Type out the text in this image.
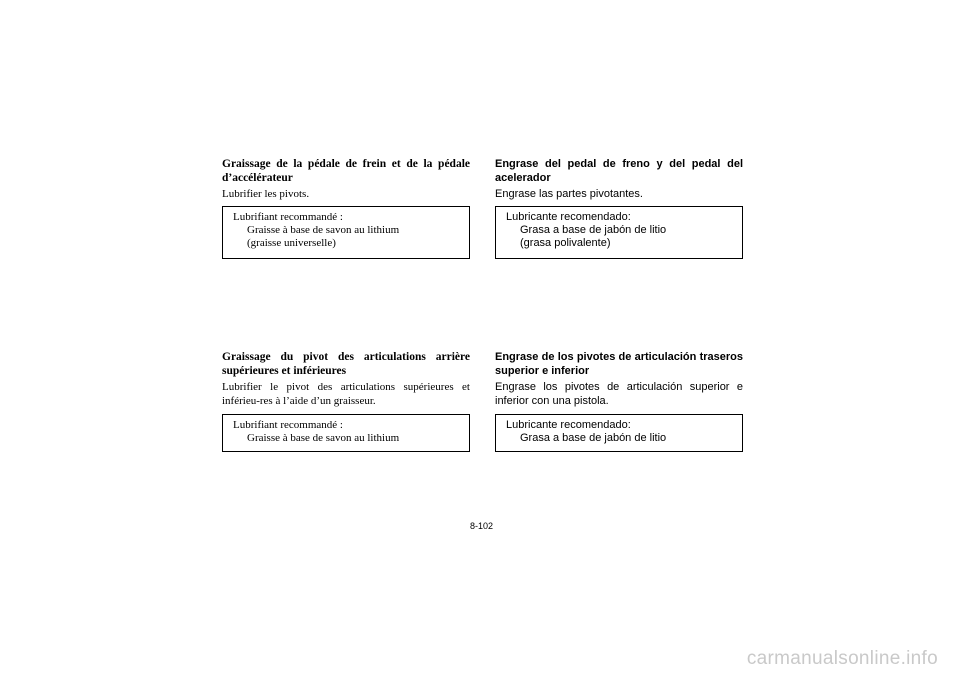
Graissage de la pédale de frein et de la pédale d’accélérateur

Lubrifier les pivots.

Lubrifiant recommandé :
Graisse à base de savon au lithium
(graisse universelle)

Graissage du pivot des articulations arrière supérieures et inférieures

Lubrifier le pivot des articulations supérieures et inférieu-res à l’aide d’un graisseur.

Lubrifiant recommandé :
Graisse à base de savon au lithium

Engrase del pedal de freno y del pedal del acelerador

Engrase las partes pivotantes.

Lubricante recomendado:
Grasa a base de jabón de litio
(grasa polivalente)

Engrase de los pivotes de articulación traseros superior e inferior

Engrase los pivotes de articulación superior e inferior con una pistola.

Lubricante recomendado:
Grasa a base de jabón de litio
8-102
carmanualsonline.info
